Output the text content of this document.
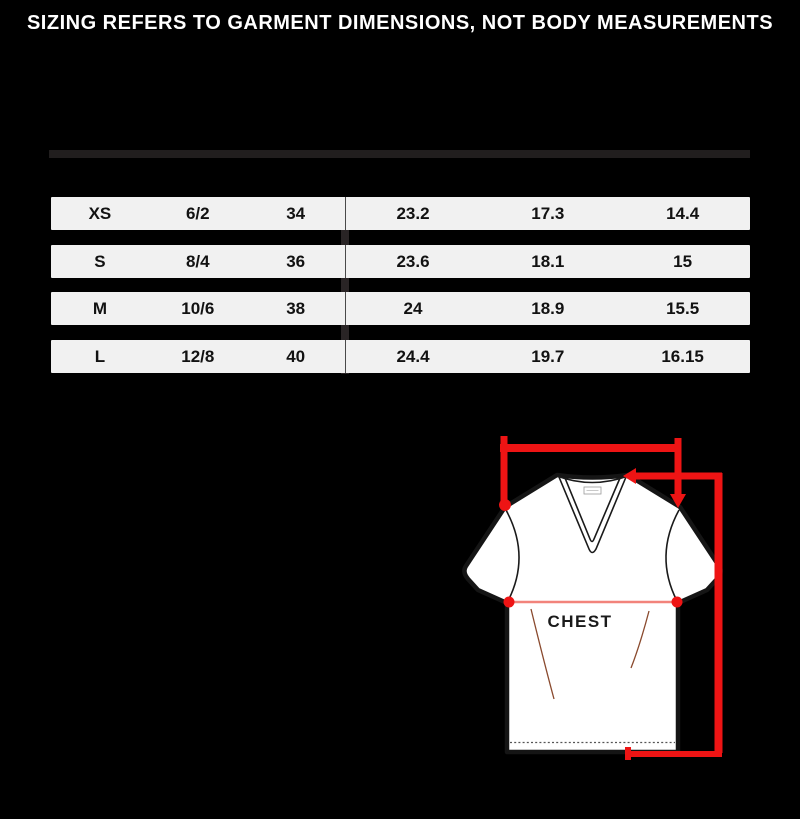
SIZING REFERS TO GARMENT DIMENSIONS, NOT BODY MEASUREMENTS
XS	6/2	34	23.2	17.3	14.4
S	8/4	36	23.6	18.1	15
M	10/6	38	24	18.9	15.5
L	12/8	40	24.4	19.7	16.15
CHEST
